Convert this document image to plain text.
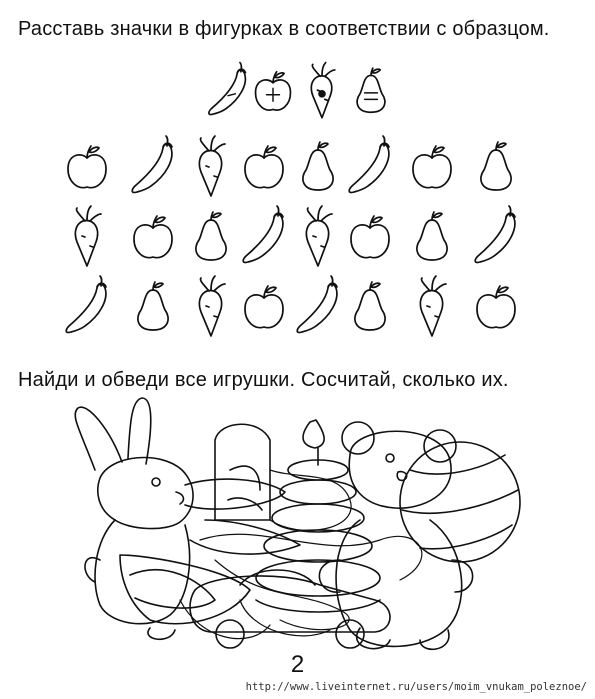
Расставь значки в фигурках в соответствии с образцом.

Найди и обведи все игрушки. Сосчитай, сколько их.

2
http://www.liveinternet.ru/users/moim_vnukam_poleznoe/
